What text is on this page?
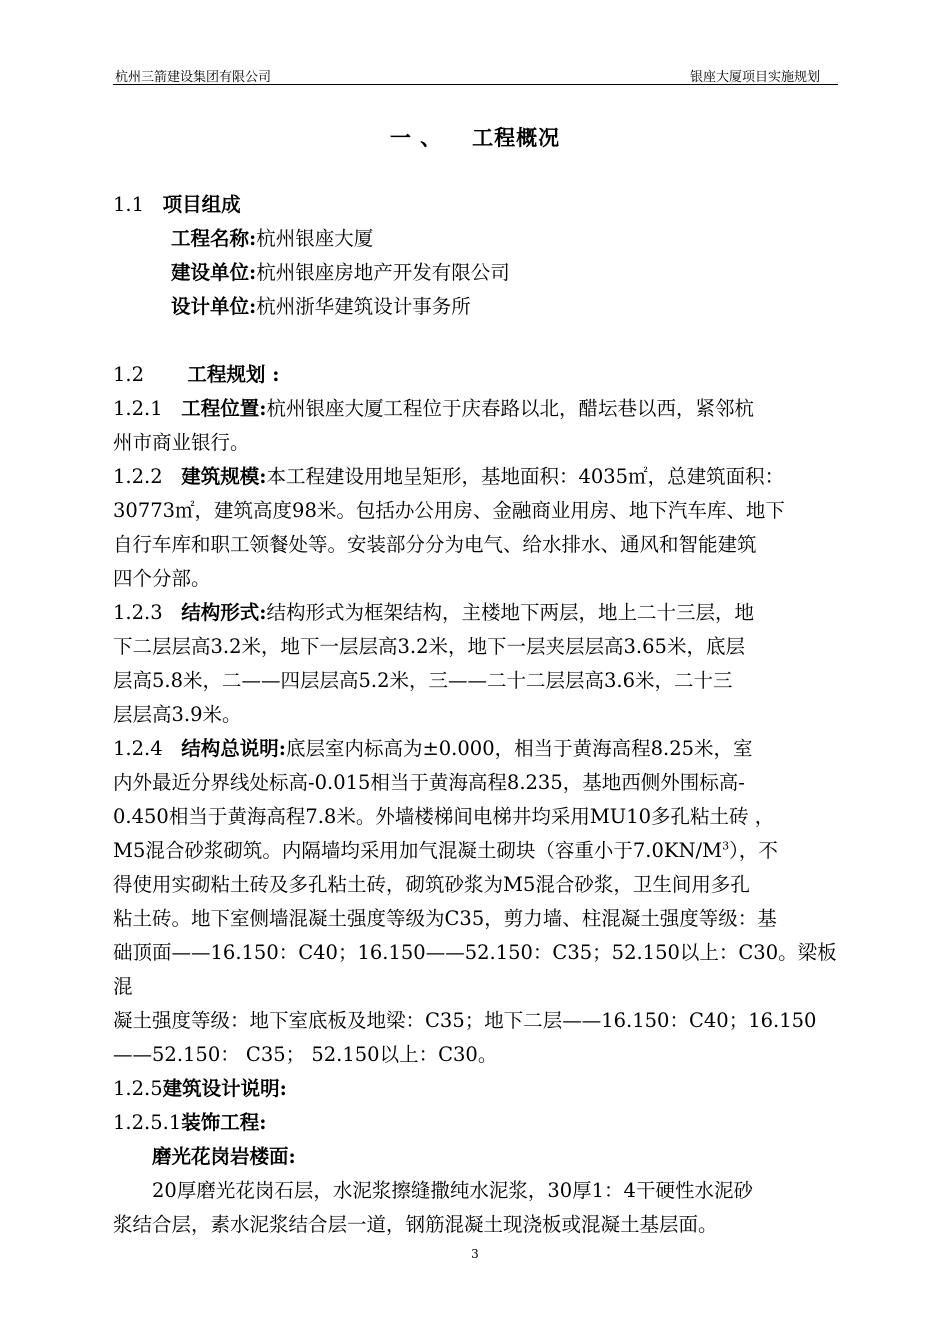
杭州三箭建设集团有限公司	银座大厦项目实施规划
一 、 工程概况

1.1 项目组成

工程名称:杭州银座大厦

建设单位:杭州银座房地产开发有限公司

设计单位:杭州浙华建筑设计事务所

1.2 工程规划 :

1.2.1 工程位置:杭州银座大厦工程位于庆春路以北，醋坛巷以西，紧邻杭

州市商业银行。

1.2.2 建筑规模:本工程建设用地呈矩形，基地面积：4035㎡，总建筑面积：

30773㎡，建筑高度98米。包括办公用房、金融商业用房、地下汽车库、地下

自行车库和职工领餐处等。安装部分分为电气、给水排水、通风和智能建筑

四个分部。

1.2.3 结构形式:结构形式为框架结构，主楼地下两层，地上二十三层，地

下二层层高3.2米，地下一层层高3.2米，地下一层夹层层高3.65米，底层

层高5.8米，二——四层层高5.2米，三——二十二层层高3.6米，二十三

层层高3.9米。

1.2.4 结构总说明:底层室内标高为±0.000，相当于黄海高程8.25米，室

内外最近分界线处标高-0.015相当于黄海高程8.235，基地西侧外围标高-

0.450相当于黄海高程7.8米。外墙楼梯间电梯井均采用MU10多孔粘土砖 ，

M5混合砂浆砌筑。内隔墙均采用加气混凝土砌块（容重小于$7.0KN/M^3$），不

得使用实砌粘土砖及多孔粘土砖，砌筑砂浆为M5混合砂浆，卫生间用多孔

粘土砖。地下室侧墙混凝土强度等级为C35，剪力墙、柱混凝土强度等级：基

础顶面——16.150：C40；16.150——52.150：C35；52.150以上：C30。梁板混

凝土强度等级：地下室底板及地梁：C35；地下二层——16.150：C40；16.150

——52.150： C35； 52.150以上：C30。

1.2.5建筑设计说明:

1.2.5.1装饰工程:

磨光花岗岩楼面:

20厚磨光花岗石层，水泥浆擦缝撒纯水泥浆，30厚1：4干硬性水泥砂

浆结合层，素水泥浆结合层一道，钢筋混凝土现浇板或混凝土基层面。

3
